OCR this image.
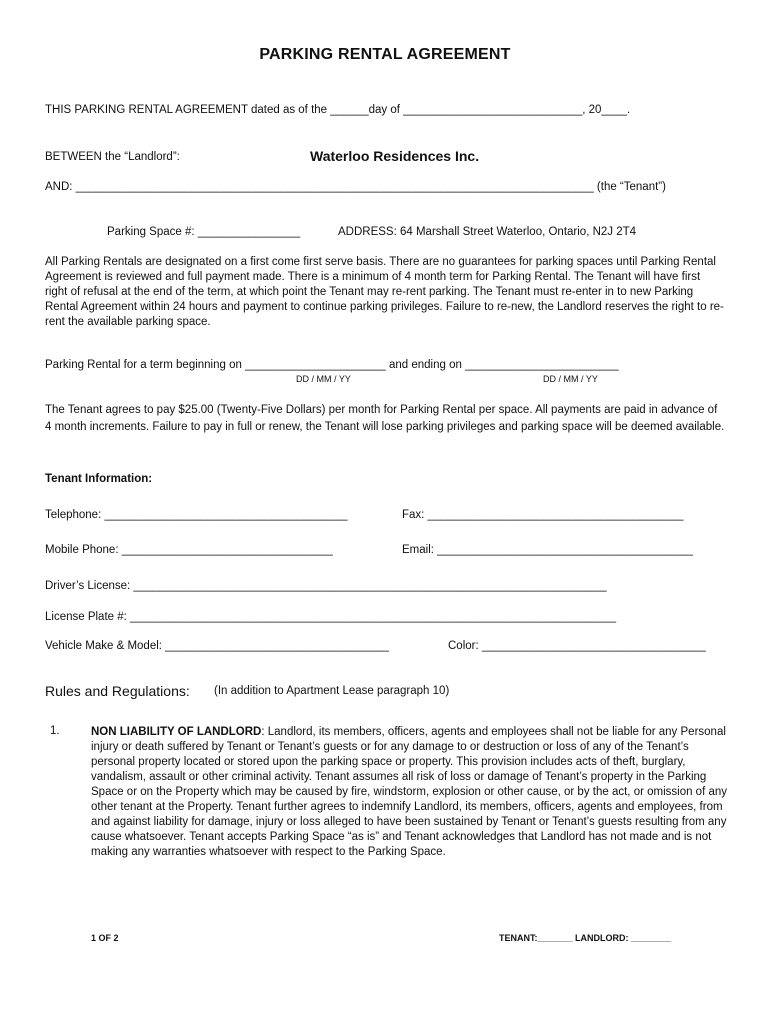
PARKING RENTAL AGREEMENT
THIS PARKING RENTAL AGREEMENT dated as of the ______day of ____________________________, 20____.
BETWEEN the “Landlord”:	Waterloo Residences Inc.
AND: _________________________________________________________________________________ (the “Tenant”)
Parking Space #: ________________	ADDRESS: 64 Marshall Street Waterloo, Ontario, N2J 2T4
All Parking Rentals are designated on a first come first serve basis. There are no guarantees for parking spaces until Parking Rental Agreement is reviewed and full payment made. There is a minimum of 4 month term for Parking Rental. The Tenant will have first right of refusal at the end of the term, at which point the Tenant may re-rent parking. The Tenant must re-enter in to new Parking Rental Agreement within 24 hours and payment to continue parking privileges. Failure to re-new, the Landlord reserves the right to re-rent the available parking space.
Parking Rental for a term beginning on ______________________ and ending on ________________________
DD / MM / YY	DD / MM / YY
The Tenant agrees to pay $25.00 (Twenty-Five Dollars) per month for Parking Rental per space. All payments are paid in advance of 4 month increments. Failure to pay in full or renew, the Tenant will lose parking privileges and parking space will be deemed available.
Tenant Information:
Telephone: ______________________________________	Fax: ________________________________________
Mobile Phone: _________________________________	Email: ________________________________________
Driver’s License: __________________________________________________________________________
License Plate #: ____________________________________________________________________________
Vehicle Make & Model: ___________________________________	Color: ___________________________________
Rules and Regulations: (In addition to Apartment Lease paragraph 10)
1.	NON LIABILITY OF LANDLORD: Landlord, its members, officers, agents and employees shall not be liable for any Personal injury or death suffered by Tenant or Tenant’s guests or for any damage to or destruction or loss of any of the Tenant’s personal property located or stored upon the parking space or property. This provision includes acts of theft, burglary, vandalism, assault or other criminal activity. Tenant assumes all risk of loss or damage of Tenant’s property in the Parking Space or on the Property which may be caused by fire, windstorm, explosion or other cause, or by the act, or omission of any other tenant at the Property. Tenant further agrees to indemnify Landlord, its members, officers, agents and employees, from and against liability for damage, injury or loss alleged to have been sustained by Tenant or Tenant’s guests resulting from any cause whatsoever. Tenant accepts Parking Space “as is” and Tenant acknowledges that Landlord has not made and is not making any warranties whatsoever with respect to the Parking Space.
1 OF 2	TENANT:_______ LANDLORD: ________
